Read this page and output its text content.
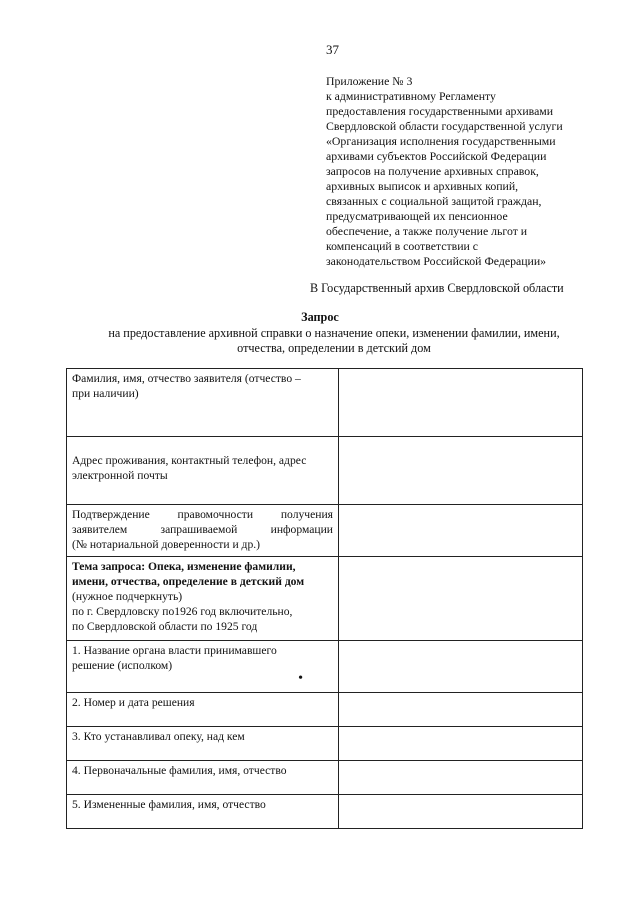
37
Приложение № 3
к административному Регламенту
предоставления государственными архивами
Свердловской области государственной услуги
«Организация исполнения государственными
архивами субъектов Российской Федерации
запросов на получение архивных справок,
архивных выписок и архивных копий,
связанных с социальной защитой граждан,
предусматривающей их пенсионное
обеспечение, а также получение льгот и
компенсаций в соответствии с
законодательством Российской Федерации»
В Государственный архив Свердловской области
Запрос
на предоставление архивной справки о назначение опеки, изменении фамилии, имени,
отчества, определении в детский дом
Фамилия, имя, отчество заявителя (отчество –
при наличии)	

Адрес проживания, контактный телефон, адрес
электронной почты	

Подтверждение правомочности получения
заявителем запрашиваемой информации
(№ нотариальной доверенности и др.)	

Тема запроса: Опека, изменение фамилии,
имени, отчества, определение в детский дом
(нужное подчеркнуть)
по г. Свердловску по1926 год включительно,
по Свердловской области по 1925 год	

1. Название органа власти принимавшего
решение (исполком)
•	

2. Номер и дата решения	
3. Кто устанавливал опеку, над кем	
4. Первоначальные фамилия, имя, отчество	
5. Измененные фамилия, имя, отчество	
